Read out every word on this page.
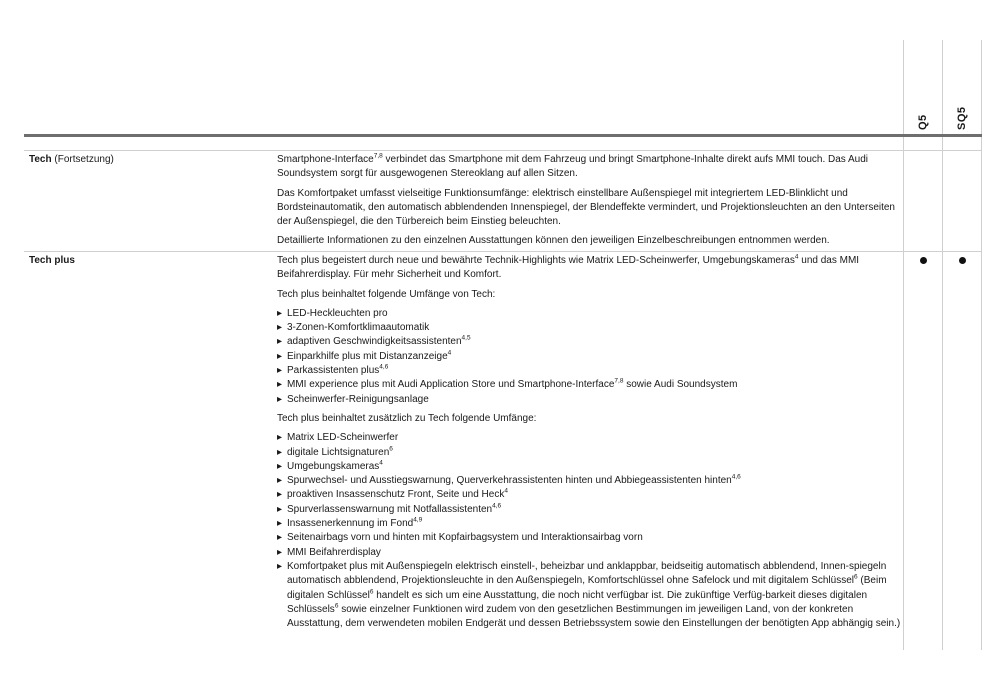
Q5 SQ5
Tech (Fortsetzung)	Smartphone-Interface$^{7,8}$ verbindet das Smartphone mit dem Fahrzeug und bringt Smartphone-Inhalte direkt aufs MMI touch. Das Audi Soundsystem sorgt für ausgewogenen Stereoklang auf allen Sitzen.

Das Komfortpaket umfasst vielseitige Funktionsumfänge: elektrisch einstellbare Außenspiegel mit integriertem LED-Blinklicht und Bordsteinautomatik, den automatisch abblendenden Innenspiegel, der Blendeffekte vermindert, und Projektionsleuchten an den Unterseiten der Außenspiegel, die den Türbereich beim Einstieg beleuchten.

Detaillierte Informationen zu den einzelnen Ausstattungen können den jeweiligen Einzelbeschreibungen entnommen werden.

Tech plus	Tech plus begeistert durch neue und bewährte Technik-Highlights wie Matrix LED-Scheinwerfer, Umgebungskameras$^4$ und das MMI Beifahrerdisplay. Für mehr Sicherheit und Komfort.

Tech plus beinhaltet folgende Umfänge von Tech:

▸ LED-Heckleuchten pro
▸ 3-Zonen-Komfortklimaautomatik
▸ adaptiven Geschwindigkeitsassistenten$^{4,5}$
▸ Einparkhilfe plus mit Distanzanzeige$^4$
▸ Parkassistenten plus$^{4,6}$
▸ MMI experience plus mit Audi Application Store und Smartphone-Interface$^{7,8}$ sowie Audi Soundsystem
▸ Scheinwerfer-Reinigungsanlage

Tech plus beinhaltet zusätzlich zu Tech folgende Umfänge:

▸ Matrix LED-Scheinwerfer
▸ digitale Lichtsignaturen$^6$
▸ Umgebungskameras$^4$
▸ Spurwechsel- und Ausstiegswarnung, Querverkehrassistenten hinten und Abbiegeassistenten hinten$^{4,6}$
▸ proaktiven Insassenschutz Front, Seite und Heck$^4$
▸ Spurverlassenswarnung mit Notfallassistenten$^{4,6}$
▸ Insassenerkennung im Fond$^{4,9}$
▸ Seitenairbags vorn und hinten mit Kopfairbagsystem und Interaktionsairbag vorn
▸ MMI Beifahrerdisplay
▸ Komfortpaket plus mit Außenspiegeln elektrisch einstell-, beheizbar und anklappbar, beidseitig automatisch abblendend, Innen-spiegeln automatisch abblendend, Projektionsleuchte in den Außenspiegeln, Komfortschlüssel ohne Safelock und mit digitalem Schlüssel$^6$ (Beim digitalen Schlüssel$^6$ handelt es sich um eine Ausstattung, die noch nicht verfügbar ist. Die zukünftige Verfüg-barkeit dieses digitalen Schlüssels$^6$ sowie einzelner Funktionen wird zudem von den gesetzlichen Bestimmungen im jeweiligen Land, von der konkreten Ausstattung, dem verwendeten mobilen Endgerät und dessen Betriebssystem sowie den Einstellungen der benötigten App abhängig sein.)
